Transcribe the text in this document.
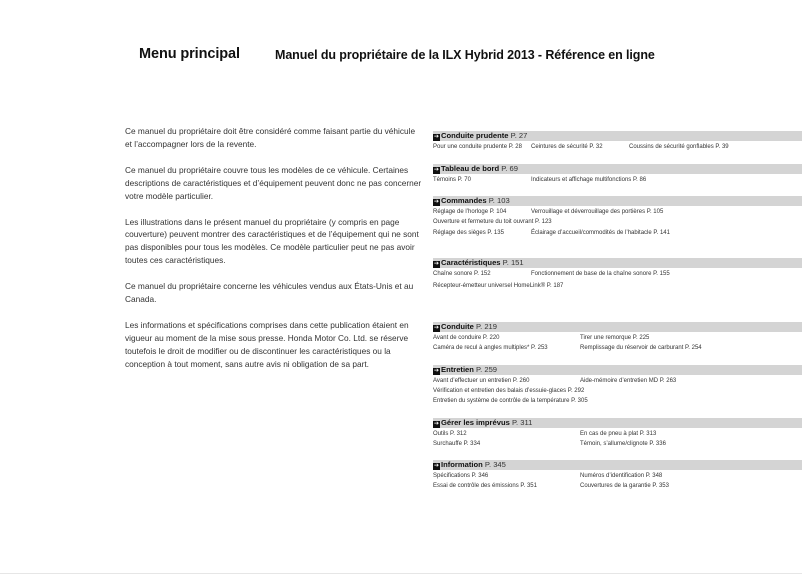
Menu principal	Manuel du propriétaire de la ILX Hybrid 2013 - Référence en ligne

Ce manuel du propriétaire doit être considéré comme faisant partie du véhicule et l’accompagner lors de la revente.

Ce manuel du propriétaire couvre tous les modèles de ce véhicule. Certaines descriptions de caractéristiques et d’équipement peuvent donc ne pas concerner votre modèle particulier.

Les illustrations dans le présent manuel du propriétaire (y compris en page couverture) peuvent montrer des caractéristiques et de l’équipement qui ne sont pas disponibles pour tous les modèles. Ce modèle particulier peut ne pas avoir toutes ces caractéristiques.

Ce manuel du propriétaire concerne les véhicules vendus aux États-Unis et au Canada.

Les informations et spécifications comprises dans cette publication étaient en vigueur au moment de la mise sous presse. Honda Motor Co. Ltd. se réserve toutefois le droit de modifier ou de discontinuer les caractéristiques ou la conception à tout moment, sans autre avis ni obligation de sa part.

➔ Conduite prudente P. 27
Pour une conduite prudente P. 28 Ceintures de sécurité P. 32	Coussins de sécurité gonflables P. 39
➔ Tableau de bord P. 69
Témoins P. 70	Indicateurs et affichage multifonctions P. 86
➔ Commandes P. 103
Réglage de l’horloge P. 104	Verrouillage et déverrouillage des portières P. 105
Ouverture et fermeture du toit ouvrant P. 123
Réglage des sièges P. 135	Éclairage d’accueil/commodités de l’habitacle P. 141
➔ Caractéristiques P. 151
Chaîne sonore P. 152	Fonctionnement de base de la chaîne sonore P. 155
Récepteur-émetteur universel HomeLink® P. 187
➔ Conduite P. 219
Avant de conduire P. 220	Tirer une remorque P. 225
Caméra de recul à angles multiples* P. 253	Remplissage du réservoir de carburant P. 254
➔ Entretien P. 259
Avant d’effectuer un entretien P. 260	Aide-mémoire d’entretien MD P. 263
Vérification et entretien des balais d’essuie-glaces P. 292
Entretien du système de contrôle de la température P. 305
➔ Gérer les imprévus P. 311
Outils P. 312	En cas de pneu à plat P. 313
Surchauffe P. 334	Témoin, s’allume/clignote P. 336
➔ Information P. 345
Spécifications P. 346	Numéros d’identification P. 348
Essai de contrôle des émissions P. 351	Couvertures de la garantie P. 353
